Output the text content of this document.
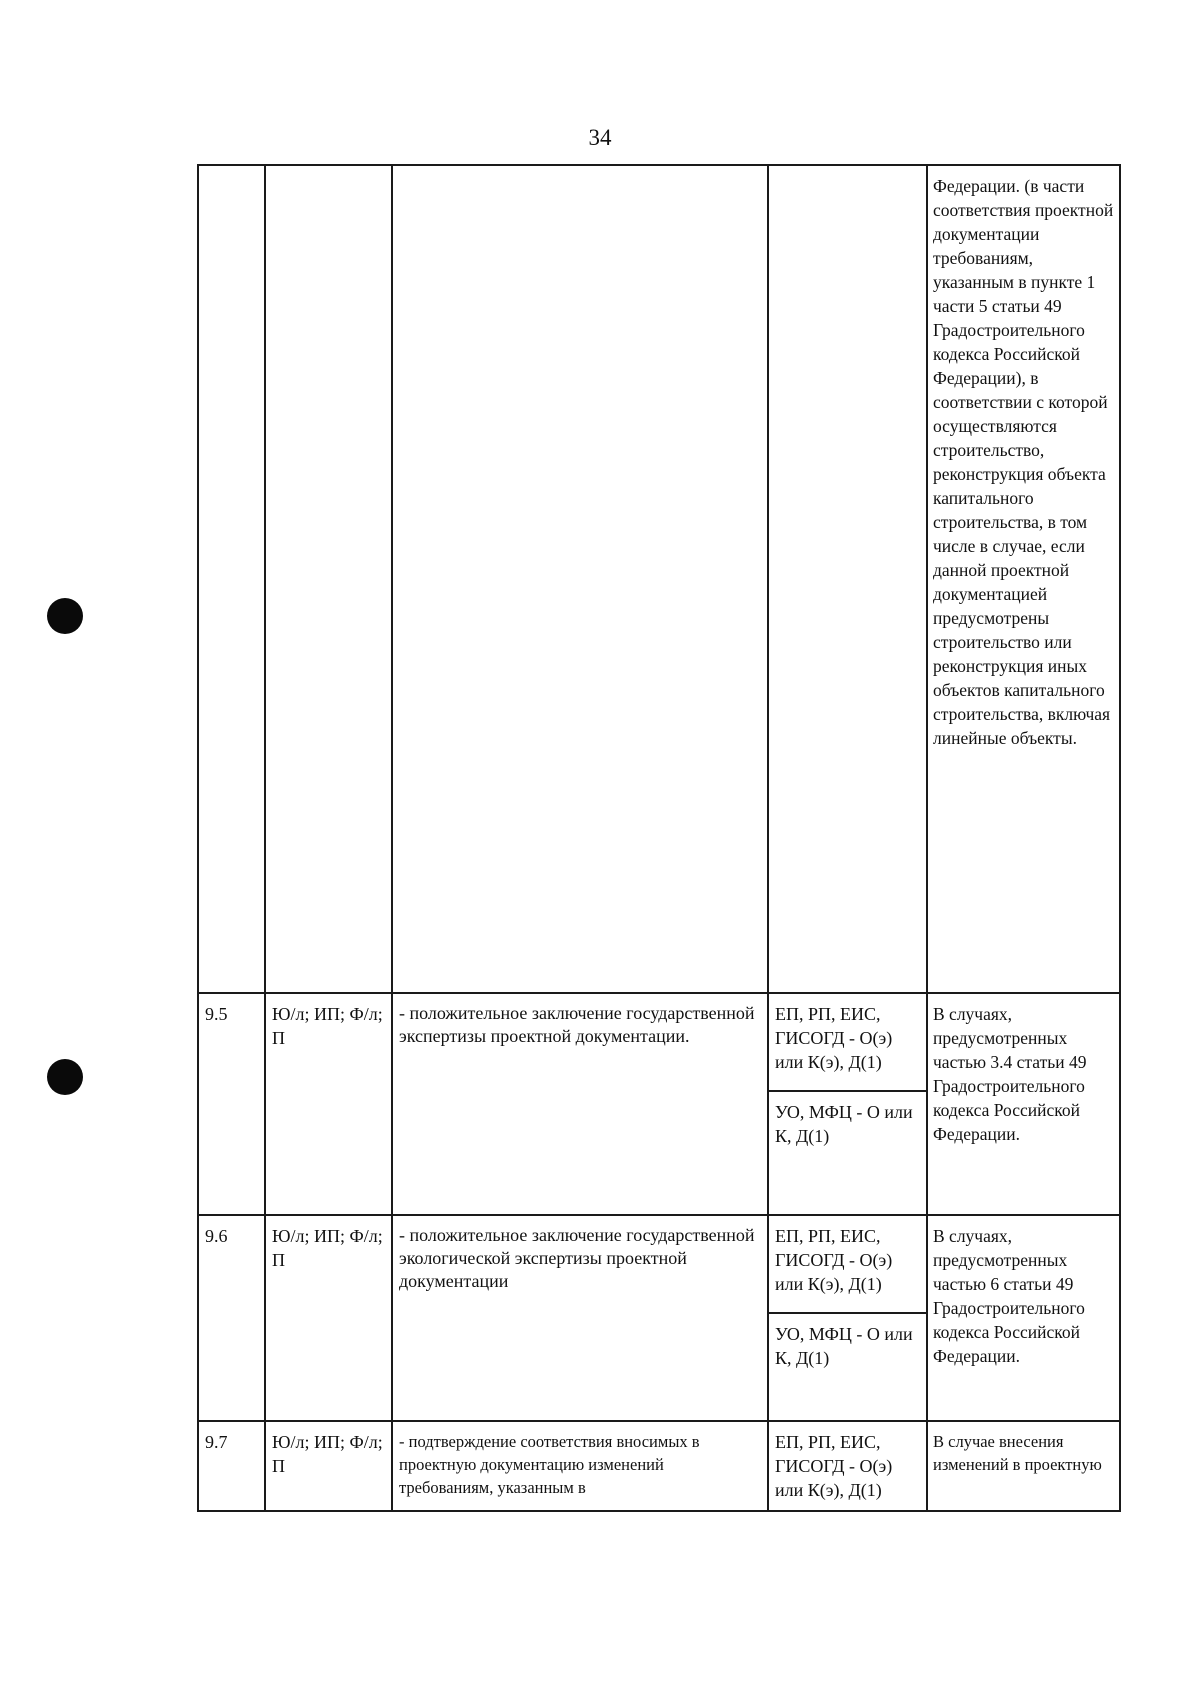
34
				Федерации. (в части соответствия проектной документации требованиям, указанным в пункте 1 части 5 статьи 49 Градостроительного кодекса Российской Федерации), в соответствии с которой осуществляются строительство, реконструкция объекта капитального строительства, в том числе в случае, если данной проектной документацией предусмотрены строительство или реконструкция иных объектов капитального строительства, включая линейные объекты.
9.5	Ю/л; ИП; Ф/л; П	- положительное заключение государственной экспертизы проектной документации.	ЕП, РП, ЕИС, ГИСОГД - О(э) или К(э), Д(1)	В случаях, предусмотренных частью 3.4 статьи 49 Градостроительного кодекса Российской Федерации.
			УО, МФЦ - О или К, Д(1)	
9.6	Ю/л; ИП; Ф/л; П	- положительное заключение государственной экологической экспертизы проектной документации	ЕП, РП, ЕИС, ГИСОГД - О(э) или К(э), Д(1)	В случаях, предусмотренных частью 6 статьи 49 Градостроительного кодекса Российской Федерации.
			УО, МФЦ - О или К, Д(1)	
9.7	Ю/л; ИП; Ф/л; П	- подтверждение соответствия вносимых в проектную документацию изменений требованиям, указанным в	ЕП, РП, ЕИС, ГИСОГД - О(э) или К(э), Д(1)	В случае внесения изменений в проектную
